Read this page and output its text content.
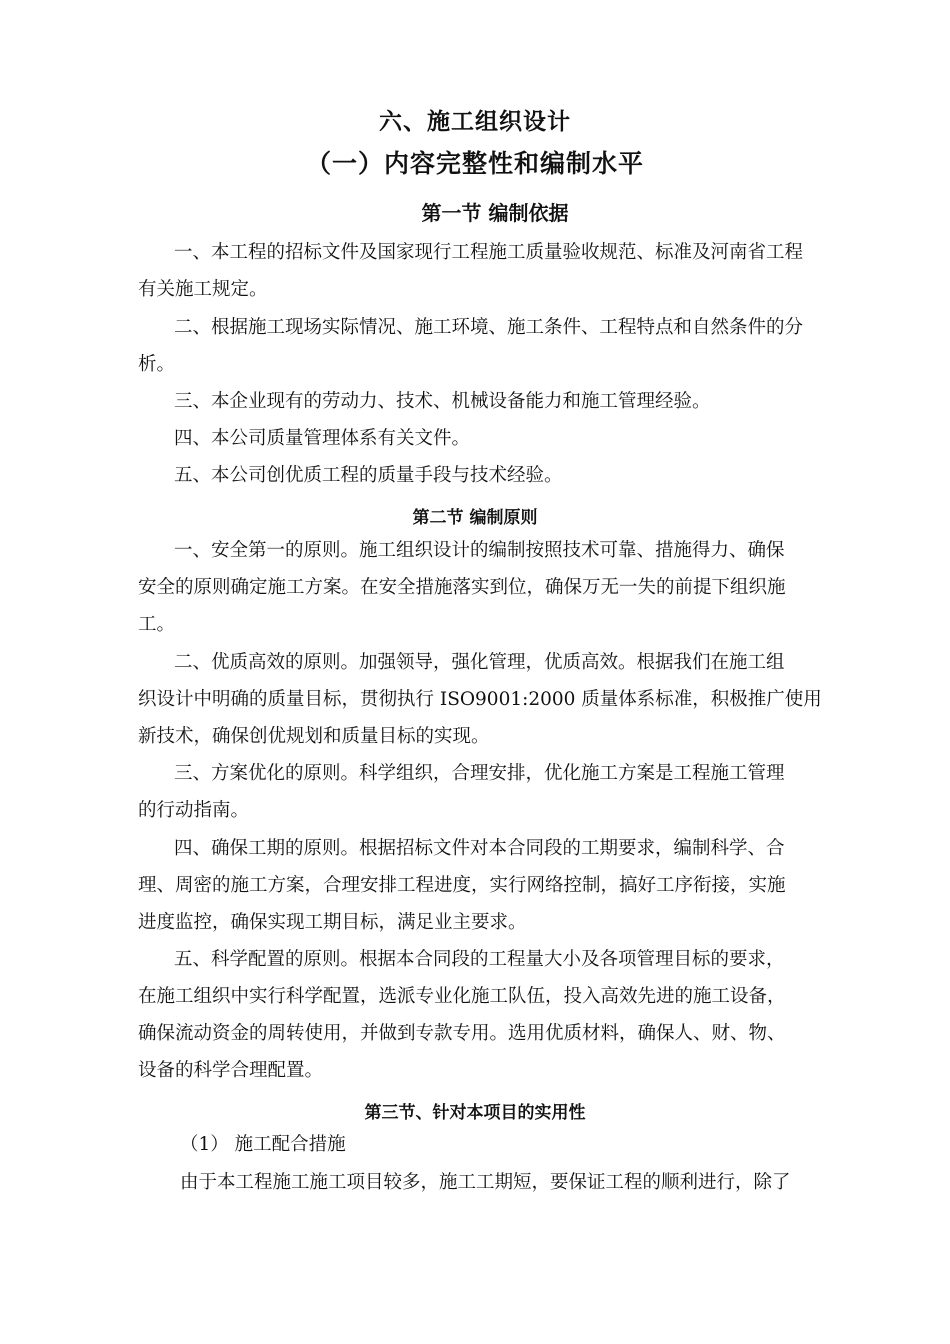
六、施工组织设计
（一）内容完整性和编制水平
第一节 编制依据
一、本工程的招标文件及国家现行工程施工质量验收规范、标准及河南省工程
有关施工规定。
二、根据施工现场实际情况、施工环境、施工条件、工程特点和自然条件的分
析。
三、本企业现有的劳动力、技术、机械设备能力和施工管理经验。
四、本公司质量管理体系有关文件。
五、本公司创优质工程的质量手段与技术经验。
第二节 编制原则
一、安全第一的原则。施工组织设计的编制按照技术可靠、措施得力、确保
安全的原则确定施工方案。在安全措施落实到位，确保万无一失的前提下组织施
工。
二、优质高效的原则。加强领导，强化管理，优质高效。根据我们在施工组
织设计中明确的质量目标，贯彻执行 ISO9001:2000 质量体系标准，积极推广使用
新技术，确保创优规划和质量目标的实现。
三、方案优化的原则。科学组织，合理安排，优化施工方案是工程施工管理
的行动指南。
四、确保工期的原则。根据招标文件对本合同段的工期要求，编制科学、合
理、周密的施工方案，合理安排工程进度，实行网络控制，搞好工序衔接，实施
进度监控，确保实现工期目标，满足业主要求。
五、科学配置的原则。根据本合同段的工程量大小及各项管理目标的要求，
在施工组织中实行科学配置，选派专业化施工队伍，投入高效先进的施工设备，
确保流动资金的周转使用，并做到专款专用。选用优质材料，确保人、财、物、
设备的科学合理配置。
第三节、针对本项目的实用性
（1） 施工配合措施
由于本工程施工施工项目较多，施工工期短，要保证工程的顺利进行，除了
